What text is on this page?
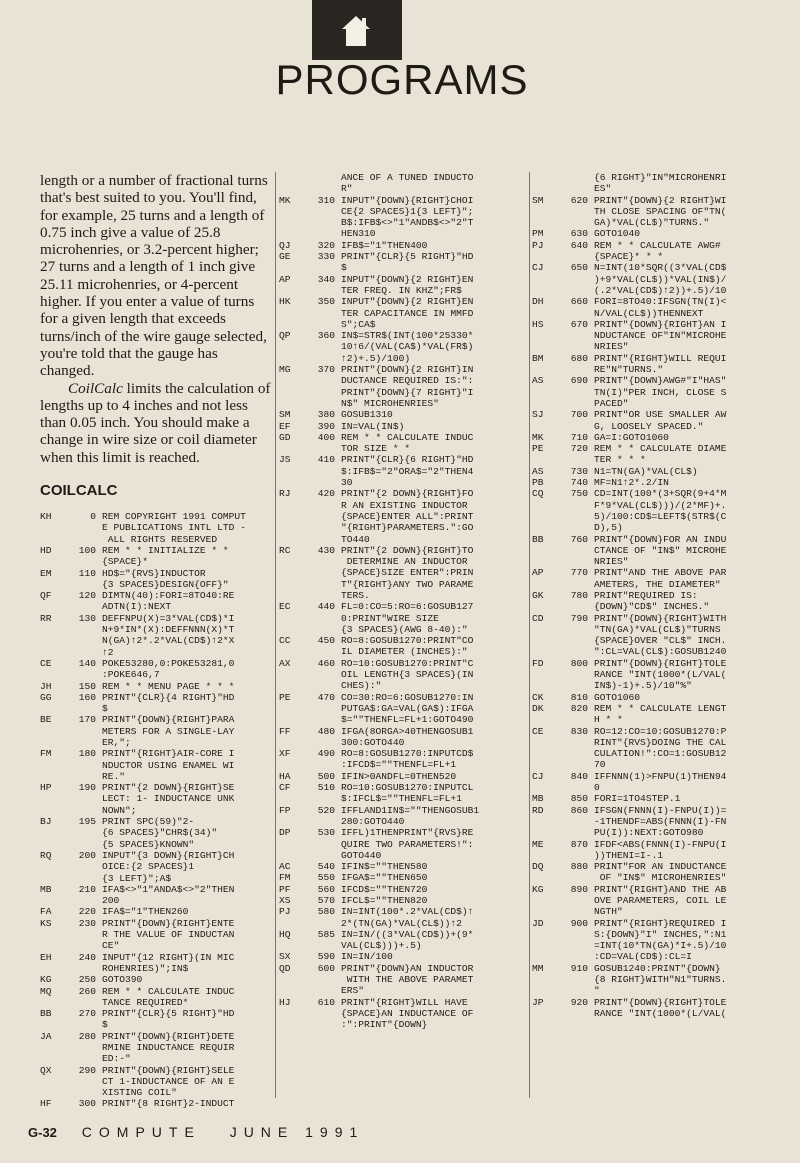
PROGRAMS

length or a number of fractional turns that's best suited to you. You'll find, for example, 25 turns and a length of 0.75 inch give a value of 25.8 microhenries, or 3.2-percent higher; 27 turns and a length of 1 inch give 25.11 microhenries, or 4-percent higher. If you enter a value of turns for a given length that exceeds turns/inch of the wire gauge selected, you're told that the gauge has changed.

CoilCalc limits the calculation of lengths up to 4 inches and not less than 0.05 inch. You should make a change in wire size or coil diameter when this limit is reached.

COILCALC
KH	0 REM COPYRIGHT 1991 COMPUT
E PUBLICATIONS INTL LTD -
ALL RIGHTS RESERVED
HD	100 REM * * INITIALIZE * *
{SPACE}*
EM	110 HD$="{RVS}INDUCTOR
{3 SPACES}DESIGN{OFF}"
QF	120 DIMTN(40):FORI=8TO40:RE
ADTN(I):NEXT
RR	130 DEFFNPU(X)=3*VAL(CD$)*I
N+9*IN*(X):DEFFNNN(X)*T
N(GA)↑2*.2*VAL(CD$)↑2*X
↑2
CE	140 POKE53280,0:POKE53281,0
:POKE646,7
JH	150 REM * * MENU PAGE * * *
GG	160 PRINT"{CLR}{4 RIGHT}"HD
$
BE	170 PRINT"{DOWN}{RIGHT}PARA
METERS FOR A SINGLE-LAY
ER,";
FM	180 PRINT"{RIGHT}AIR-CORE I
NDUCTOR USING ENAMEL WI
RE."
HP	190 PRINT"{2 DOWN}{RIGHT}SE
LECT: 1- INDUCTANCE UNK
NOWN";
BJ	195 PRINT SPC(59)"2-
{6 SPACES}"CHR$(34)"
{5 SPACES}KNOWN"
RQ	200 INPUT"{3 DOWN}{RIGHT}CH
OICE:{2 SPACES}1
{3 LEFT}";A$
MB	210 IFA$<>"1"ANDA$<>"2"THEN
200
FA	220 IFA$="1"THEN260
KS	230 PRINT"{DOWN}{RIGHT}ENTE
R THE VALUE OF INDUCTAN
CE"
EH	240 INPUT"{12 RIGHT}(IN MIC
ROHENRIES)";IN$
KG	250 GOTO390
MQ	260 REM * * CALCULATE INDUC
TANCE REQUIRED*
BB	270 PRINT"{CLR}{5 RIGHT}"HD
$
JA	280 PRINT"{DOWN}{RIGHT}DETE
RMINE INDUCTANCE REQUIR
ED:-"
QX	290 PRINT"{DOWN}{RIGHT}SELE
CT 1-INDUCTANCE OF AN E
XISTING COIL"
HF	300 PRINT"{8 RIGHT}2-INDUCT
ANCE OF A TUNED INDUCTO
R"
MK	310 INPUT"{DOWN}{RIGHT}CHOI
CE{2 SPACES}1{3 LEFT}";
B$:IFB$<>"1"ANDB$<>"2"T
HEN310
QJ	320 IFB$="1"THEN400
GE	330 PRINT"{CLR}{5 RIGHT}"HD
$
AP	340 INPUT"{DOWN}{2 RIGHT}EN
TER FREQ. IN KHZ";FR$
HK	350 INPUT"{DOWN}{2 RIGHT}EN
TER CAPACITANCE IN MMFD
S";CA$
QP	360 IN$=STR$(INT(100*25330*
10↑6/(VAL(CA$)*VAL(FR$)
↑2)+.5)/100)
MG	370 PRINT"{DOWN}{2 RIGHT}IN
DUCTANCE REQUIRED IS:":
PRINT"{DOWN}{7 RIGHT}"I
N$" MICROHENRIES"
SM	380 GOSUB1310
EF	390 IN=VAL(IN$)
GD	400 REM * * CALCULATE INDUC
TOR SIZE * *
JS	410 PRINT"{CLR}{6 RIGHT}"HD
$:IFB$="2"ORA$="2"THEN4
30
RJ	420 PRINT"{2 DOWN}{RIGHT}FO
R AN EXISTING INDUCTOR
{SPACE}ENTER ALL":PRINT
"{RIGHT}PARAMETERS.":GO
TO440
RC	430 PRINT"{2 DOWN}{RIGHT}TO
DETERMINE AN INDUCTOR
{SPACE}SIZE ENTER":PRIN
T"{RIGHT}ANY TWO PARAME
TERS.
EC	440 FL=0:CO=5:RO=6:GOSUB127
0:PRINT"WIRE SIZE
{3 SPACES}(AWG 8-40):"
CC	450 RO=8:GOSUB1270:PRINT"CO
IL DIAMETER (INCHES):"
AX	460 RO=10:GOSUB1270:PRINT"C
OIL LENGTH{3 SPACES}(IN
CHES):"
PE	470 CO=30:RO=6:GOSUB1270:IN
PUTGA$:GA=VAL(GA$):IFGA
$=""THENFL=FL+1:GOTO490
FF	480 IFGA(8ORGA>40THENGOSUB1
300:GOTO440
XF	490 RO=8:GOSUB1270:INPUTCD$
:IFCD$=""THENFL=FL+1
HA	500 IFIN>0ANDFL=0THEN520
CF	510 RO=10:GOSUB1270:INPUTCL
$:IFCL$=""THENFL=FL+1
FP	520 IFFLAND1IN$=""THENGOSUB1
280:GOTO440
DP	530 IFFL)1THENPRINT"{RVS}RE
QUIRE TWO PARAMETERS!":
GOTO440
AC	540 IFIN$=""THEN580
FM	550 IFGA$=""THEN650
PF	560 IFCD$=""THEN720
XS	570 IFCL$=""THEN820
PJ	580 IN=INT(100*.2*VAL(CD$)↑
2*(TN(GA)*VAL(CL$))↑2
HQ	585 IN=IN/((3*VAL(CD$))+(9*
VAL(CL$)))+.5)
SX	590 IN=IN/100
QD	600 PRINT"{DOWN}AN INDUCTOR
WITH THE ABOVE PARAMET
ERS"
HJ	610 PRINT"{RIGHT}WILL HAVE
{SPACE}AN INDUCTANCE OF
:":PRINT"{DOWN}
{6 RIGHT}"IN"MICROHENRI
ES"
SM	620 PRINT"{DOWN}{2 RIGHT}WI
TH CLOSE SPACING OF"TN(
GA)*VAL(CL$)"TURNS."
PM	630 GOTO1040
PJ	640 REM * * CALCULATE AWG#
{SPACE}* * *
CJ	650 N=INT(10*SQR((3*VAL(CD$
)+9*VAL(CL$))*VAL(IN$)/
(.2*VAL(CD$)↑2))+.5)/10
DH	660 FORI=8TO40:IFSGN(TN(I)<
N/VAL(CL$))THENNEXT
HS	670 PRINT"{DOWN}{RIGHT}AN I
NDUCTANCE OF"IN"MICROHE
NRIES"
BM	680 PRINT"{RIGHT}WILL REQUI
RE"N"TURNS."
AS	690 PRINT"{DOWN}AWG#"I"HAS"
TN(I)"PER INCH, CLOSE S
PACED"
SJ	700 PRINT"OR USE SMALLER AW
G, LOOSELY SPACED."
MK	710 GA=I:GOTO1060
PE	720 REM * * CALCULATE DIAME
TER * * *
AS	730 N1=TN(GA)*VAL(CL$)
PB	740 MF=N1↑2*.2/IN
CQ	750 CD=INT(100*(3+SQR(9+4*M
F*9*VAL(CL$)))/(2*MF)+.
5)/100:CD$=LEFT$(STR$(C
D),5)
BB	760 PRINT"{DOWN}FOR AN INDU
CTANCE OF "IN$" MICROHE
NRIES"
AP	770 PRINT"AND THE ABOVE PAR
AMETERS, THE DIAMETER"
GK	780 PRINT"REQUIRED IS:
{DOWN}"CD$" INCHES."
CD	790 PRINT"{DOWN}{RIGHT}WITH
"TN(GA)*VAL(CL$)"TURNS
{SPACE}OVER "CL$" INCH.
":CL=VAL(CL$):GOSUB1240
FD	800 PRINT"{DOWN}{RIGHT}TOLE
RANCE "INT(1000*(L/VAL(
IN$)-1)+.5)/10"%"
CK	810 GOTO1060
DK	820 REM * * CALCULATE LENGT
H * *
CE	830 RO=12:CO=10:GOSUB1270:P
RINT"{RVS}DOING THE CAL
CULATION!":CO=1:GOSUB12
70
CJ	840 IFFNNN(1)>FNPU(1)THEN94
0
MB	850 FORI=1TO4STEP.1
RD	860 IFSGN(FNNN(I)-FNPU(I))=
-1THENDF=ABS(FNNN(I)-FN
PU(I)):NEXT:GOTO980
ME	870 IFDF<ABS(FNNN(I)-FNPU(I
))THENI=I-.1
DQ	880 PRINT"FOR AN INDUCTANCE
OF "IN$" MICROHENRIES"
KG	890 PRINT"{RIGHT}AND THE AB
OVE PARAMETERS, COIL LE
NGTH"
JD	900 PRINT"{RIGHT}REQUIRED I
S:{DOWN}"I" INCHES,":N1
=INT(10*TN(GA)*I+.5)/10
:CD=VAL(CD$):CL=I
MM	910 GOSUB1240:PRINT"{DOWN}
{8 RIGHT}WITH"N1"TURNS.
"
JP	920 PRINT"{DOWN}{RIGHT}TOLE
RANCE "INT(1000*(L/VAL(
G-32 COMPUTE JUNE 1991
